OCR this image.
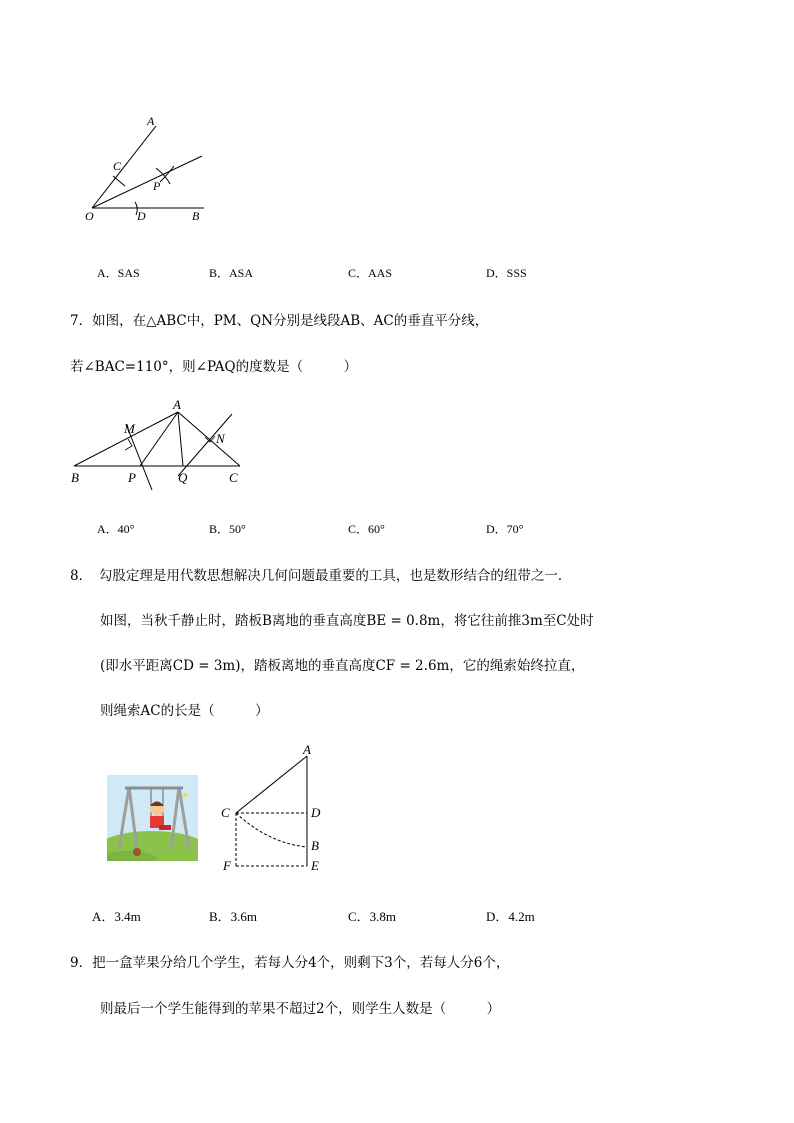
A
C
P
O	D	B
A．SAS	B．ASA	C．AAS	D．SSS
7．如图，在△ABC中，PM、QN分别是线段AB、AC的垂直平分线，
若∠BAC=110°，则∠PAQ的度数是（　　　）
A
M
N
B	P	Q	C
A．40°	B．50°	C．60°	D．70°
8．　勾股定理是用代数思想解决几何问题最重要的工具，也是数形结合的纽带之一．
如图，当秋千静止时，踏板B离地的垂直高度BE = 0.8m，将它往前推3m至C处时
(即水平距离CD = 3m)，踏板离地的垂直高度CF = 2.6m，它的绳索始终拉直，
则绳索AC的长是（　　　）
A
C	D
B
F	E
A．3.4m	B．3.6m	C．3.8m	D．4.2m
9．把一盒苹果分给几个学生，若每人分4个，则剩下3个，若每人分6个，
则最后一个学生能得到的苹果不超过2个，则学生人数是（　　　）
